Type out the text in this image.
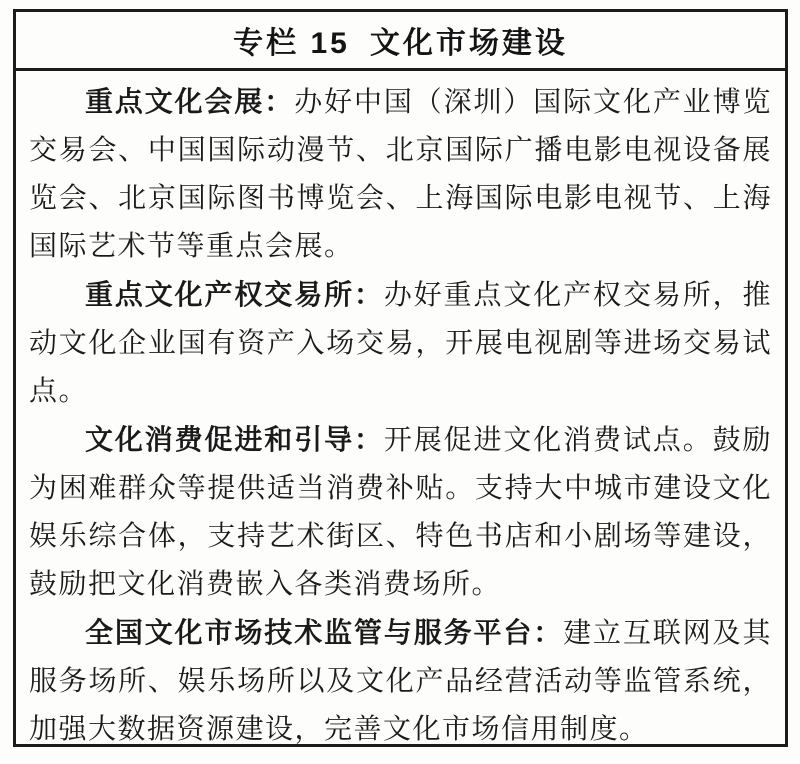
专栏 15 文化市场建设

重点文化会展：办好中国（深圳）国际文化产业博览交易会、中国国际动漫节、北京国际广播电影电视设备展览会、北京国际图书博览会、上海国际电影电视节、上海国际艺术节等重点会展。

重点文化产权交易所：办好重点文化产权交易所，推动文化企业国有资产入场交易，开展电视剧等进场交易试点。

文化消费促进和引导：开展促进文化消费试点。鼓励为困难群众等提供适当消费补贴。支持大中城市建设文化娱乐综合体，支持艺术街区、特色书店和小剧场等建设，鼓励把文化消费嵌入各类消费场所。

全国文化市场技术监管与服务平台：建立互联网及其服务场所、娱乐场所以及文化产品经营活动等监管系统，加强大数据资源建设，完善文化市场信用制度。
